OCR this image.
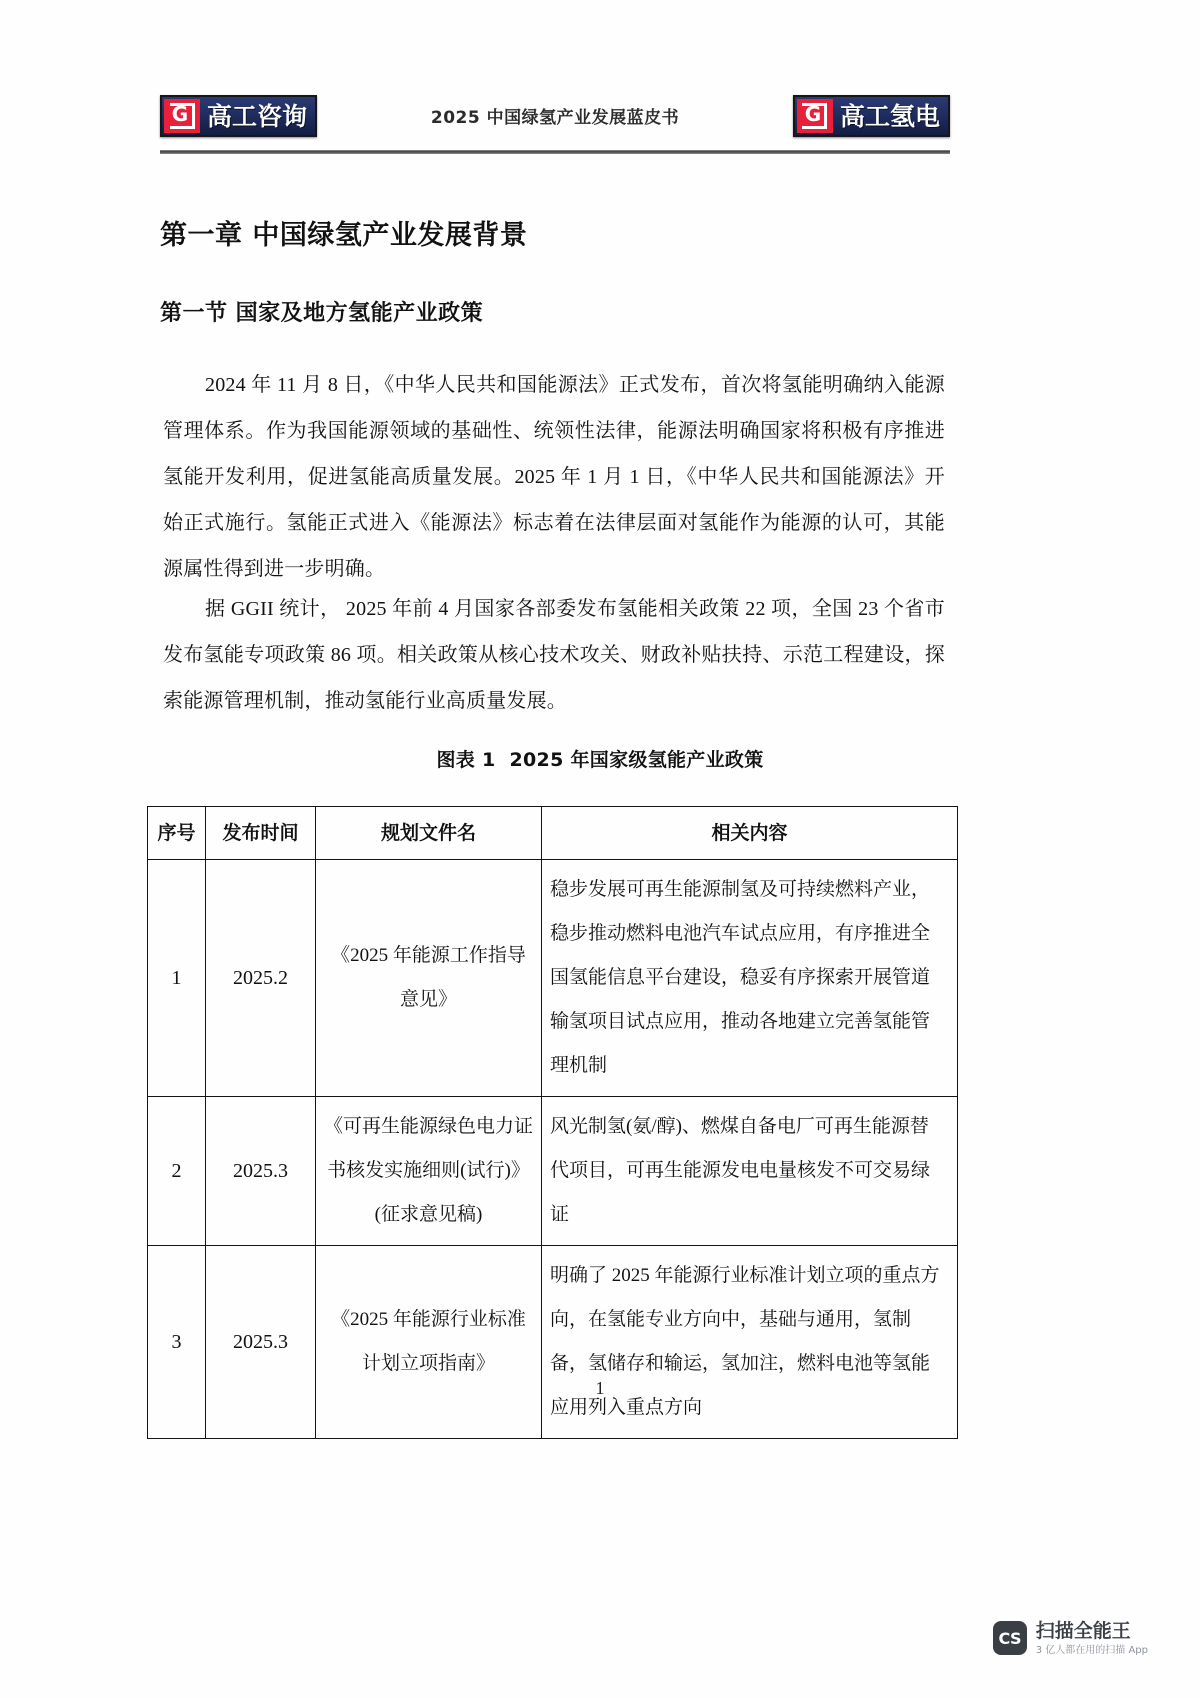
G 高工咨询	2025 中国绿氢产业发展蓝皮书	G 高工氢电
第一章 中国绿氢产业发展背景
第一节 国家及地方氢能产业政策
2024 年 11 月 8 日，《中华人民共和国能源法》正式发布，首次将氢能明确纳入能源管理体系。作为我国能源领域的基础性、统领性法律，能源法明确国家将积极有序推进氢能开发利用，促进氢能高质量发展。2025 年 1 月 1 日，《中华人民共和国能源法》开始正式施行。氢能正式进入《能源法》标志着在法律层面对氢能作为能源的认可，其能源属性得到进一步明确。
据 GGII 统计， 2025 年前 4 月国家各部委发布氢能相关政策 22 项，全国 23 个省市发布氢能专项政策 86 项。相关政策从核心技术攻关、财政补贴扶持、示范工程建设，探索能源管理机制，推动氢能行业高质量发展。
图表 1 2025 年国家级氢能产业政策
序号	发布时间	规划文件名	相关内容
1	2025.2	《2025 年能源工作指导意见》	稳步发展可再生能源制氢及可持续燃料产业，稳步推动燃料电池汽车试点应用，有序推进全国氢能信息平台建设，稳妥有序探索开展管道输氢项目试点应用，推动各地建立完善氢能管理机制
2	2025.3	《可再生能源绿色电力证书核发实施细则(试行)》(征求意见稿)	风光制氢(氨/醇)、燃煤自备电厂可再生能源替代项目，可再生能源发电电量核发不可交易绿证
3	2025.3	《2025 年能源行业标准计划立项指南》	明确了 2025 年能源行业标准计划立项的重点方向，在氢能专业方向中，基础与通用，氢制备，氢储存和输运，氢加注，燃料电池等氢能应用列入重点方向
1
CS 扫描全能王
3 亿人都在用的扫描 App
